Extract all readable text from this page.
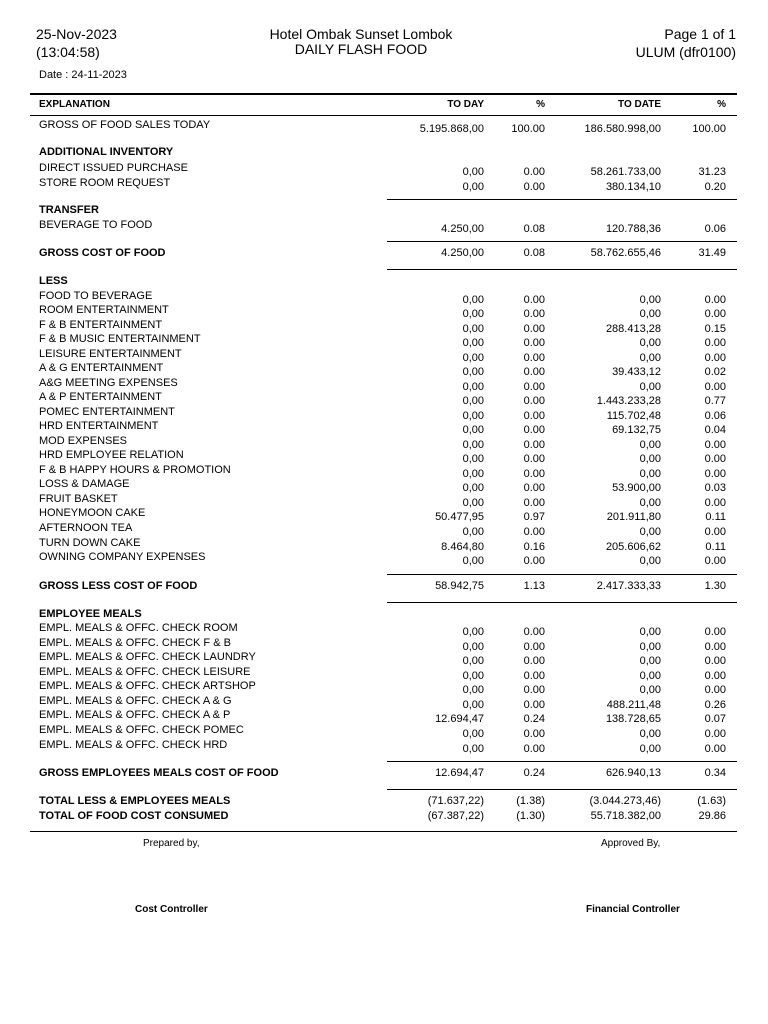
25-Nov-2023
(13:04:58)
Hotel Ombak Sunset Lombok
DAILY FLASH FOOD
Page 1 of 1
ULUM (dfr0100)
Date : 24-11-2023
EXPLANATION	TO DAY	%	TO DATE	%
GROSS OF FOOD SALES TODAY	5.195.868,00 100.00	186.580.998,00	100.00
ADDITIONAL INVENTORY
DIRECT ISSUED PURCHASE	0,00	0.00	58.261.733,00	31.23
STORE ROOM REQUEST	0,00	0.00	380.134,10	0.20
TRANSFER
BEVERAGE TO FOOD	4.250,00	0.08	120.788,36	0.06
GROSS COST OF FOOD	4.250,00	0.08	58.762.655,46	31.49
LESS
FOOD TO BEVERAGE	0,00	0.00	0,00	0.00
ROOM ENTERTAINMENT	0,00	0.00	0,00	0.00
F & B ENTERTAINMENT	0,00	0.00	288.413,28	0.15
F & B MUSIC ENTERTAINMENT	0,00	0.00	0,00	0.00
LEISURE ENTERTAINMENT	0,00	0.00	0,00	0.00
A & G ENTERTAINMENT	0,00	0.00	39.433,12	0.02
A&G MEETING EXPENSES	0,00	0.00	0,00	0.00
A & P ENTERTAINMENT	0,00	0.00	1.443.233,28	0.77
POMEC ENTERTAINMENT	0,00	0.00	115.702,48	0.06
HRD ENTERTAINMENT	0,00	0.00	69.132,75	0.04
MOD EXPENSES	0,00	0.00	0,00	0.00
HRD EMPLOYEE RELATION	0,00	0.00	0,00	0.00
F & B HAPPY HOURS & PROMOTION	0,00	0.00	0,00	0.00
LOSS & DAMAGE	0,00	0.00	53.900,00	0.03
FRUIT BASKET	0,00	0.00	0,00	0.00
HONEYMOON CAKE	50.477,95	0.97	201.911,80	0.11
AFTERNOON TEA	0,00	0.00	0,00	0.00
TURN DOWN CAKE	8.464,80	0.16	205.606,62	0.11
OWNING COMPANY EXPENSES	0,00	0.00	0,00	0.00
GROSS LESS COST OF FOOD	58.942,75	1.13	2.417.333,33	1.30
EMPLOYEE MEALS
EMPL. MEALS & OFFC. CHECK ROOM	0,00	0.00	0,00	0.00
EMPL. MEALS & OFFC. CHECK F & B	0,00	0.00	0,00	0.00
EMPL. MEALS & OFFC. CHECK LAUNDRY	0,00	0.00	0,00	0.00
EMPL. MEALS & OFFC. CHECK LEISURE	0,00	0.00	0,00	0.00
EMPL. MEALS & OFFC. CHECK ARTSHOP	0,00	0.00	0,00	0.00
EMPL. MEALS & OFFC. CHECK A & G	0,00	0.00	488.211,48	0.26
EMPL. MEALS & OFFC. CHECK A & P	12.694,47	0.24	138.728,65	0.07
EMPL. MEALS & OFFC. CHECK POMEC	0,00	0.00	0,00	0.00
EMPL. MEALS & OFFC. CHECK HRD	0,00	0.00	0,00	0.00
GROSS EMPLOYEES MEALS COST OF FOOD	12.694,47	0.24	626.940,13	0.34
TOTAL LESS & EMPLOYEES MEALS	(71.637,22)	(1.38)	(3.044.273,46)	(1.63)
TOTAL OF FOOD COST CONSUMED	(67.387,22)	(1.30)	55.718.382,00	29.86
Prepared by,	Approved By,
Cost Controller	Financial Controller
